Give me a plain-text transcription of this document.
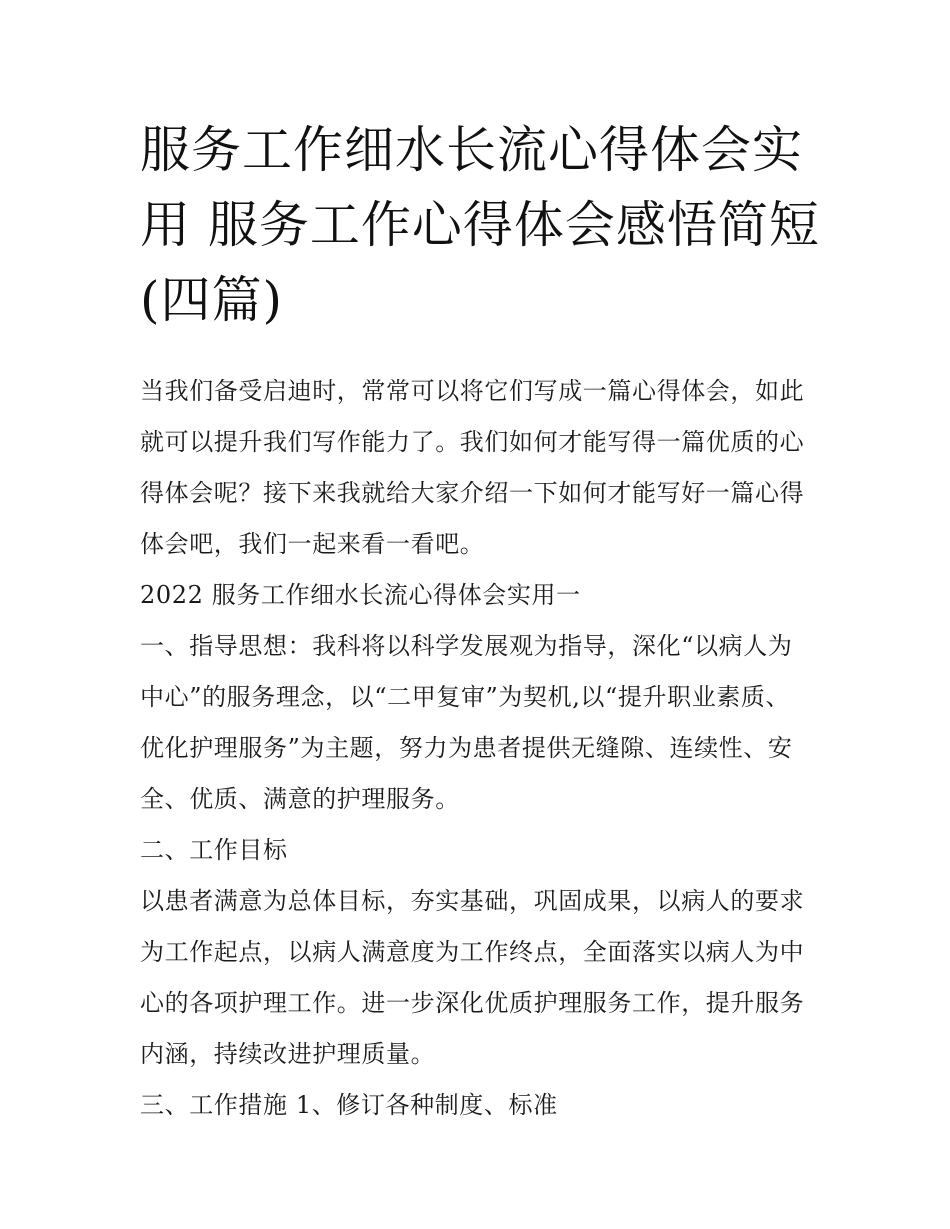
服务工作细水长流心得体会实
用 服务工作心得体会感悟简短
(四篇)
当我们备受启迪时，常常可以将它们写成一篇心得体会，如此
就可以提升我们写作能力了。我们如何才能写得一篇优质的心
得体会呢？接下来我就给大家介绍一下如何才能写好一篇心得
体会吧，我们一起来看一看吧。
2022 服务工作细水长流心得体会实用一
一、指导思想：我科将以科学发展观为指导，深化“以病人为
中心”的服务理念，以“二甲复审”为契机,以“提升职业素质、
优化护理服务”为主题，努力为患者提供无缝隙、连续性、安
全、优质、满意的护理服务。
二、工作目标
以患者满意为总体目标，夯实基础，巩固成果，以病人的要求
为工作起点，以病人满意度为工作终点，全面落实以病人为中
心的各项护理工作。进一步深化优质护理服务工作，提升服务
内涵，持续改进护理质量。
三、工作措施 1、修订各种制度、标准
